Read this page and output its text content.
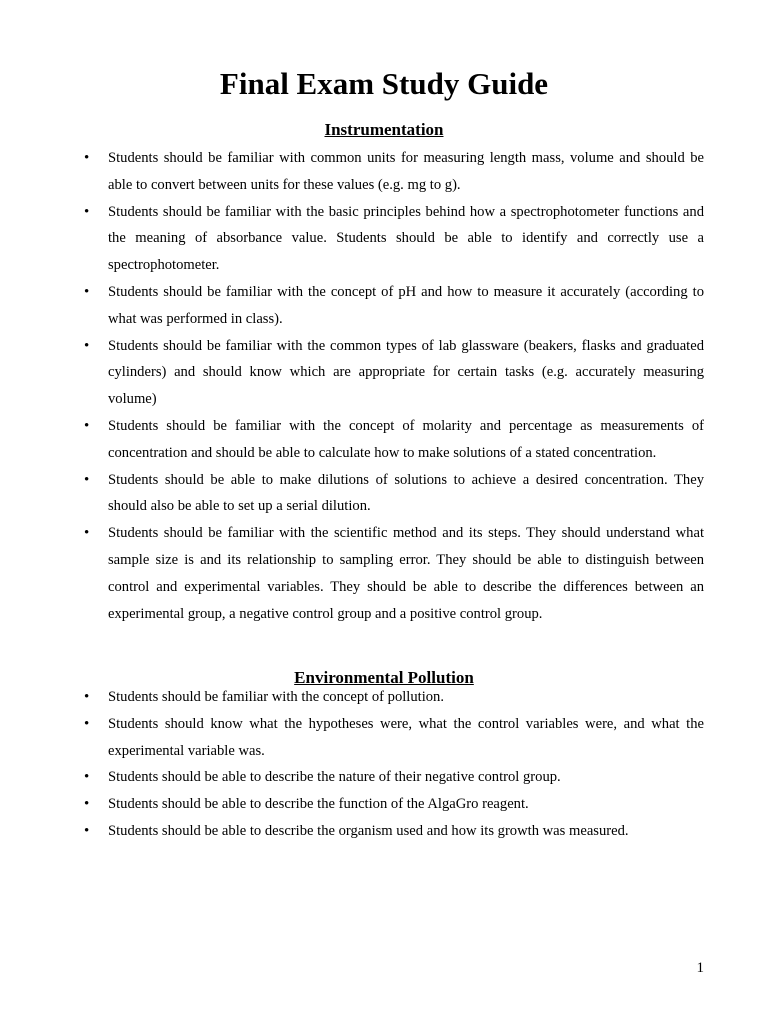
Final Exam Study Guide
Instrumentation
• Students should be familiar with common units for measuring length mass, volume and should be able to convert between units for these values (e.g. mg to g).
• Students should be familiar with the basic principles behind how a spectrophotometer functions and the meaning of absorbance value. Students should be able to identify and correctly use a spectrophotometer.
• Students should be familiar with the concept of pH and how to measure it accurately (according to what was performed in class).
• Students should be familiar with the common types of lab glassware (beakers, flasks and graduated cylinders) and should know which are appropriate for certain tasks (e.g. accurately measuring volume)
• Students should be familiar with the concept of molarity and percentage as measurements of concentration and should be able to calculate how to make solutions of a stated concentration.
• Students should be able to make dilutions of solutions to achieve a desired concentration. They should also be able to set up a serial dilution.
• Students should be familiar with the scientific method and its steps. They should understand what sample size is and its relationship to sampling error. They should be able to distinguish between control and experimental variables. They should be able to describe the differences between an experimental group, a negative control group and a positive control group.
Environmental Pollution
• Students should be familiar with the concept of pollution.
• Students should know what the hypotheses were, what the control variables were, and what the experimental variable was.
• Students should be able to describe the nature of their negative control group.
• Students should be able to describe the function of the AlgaGro reagent.
• Students should be able to describe the organism used and how its growth was measured.
1
